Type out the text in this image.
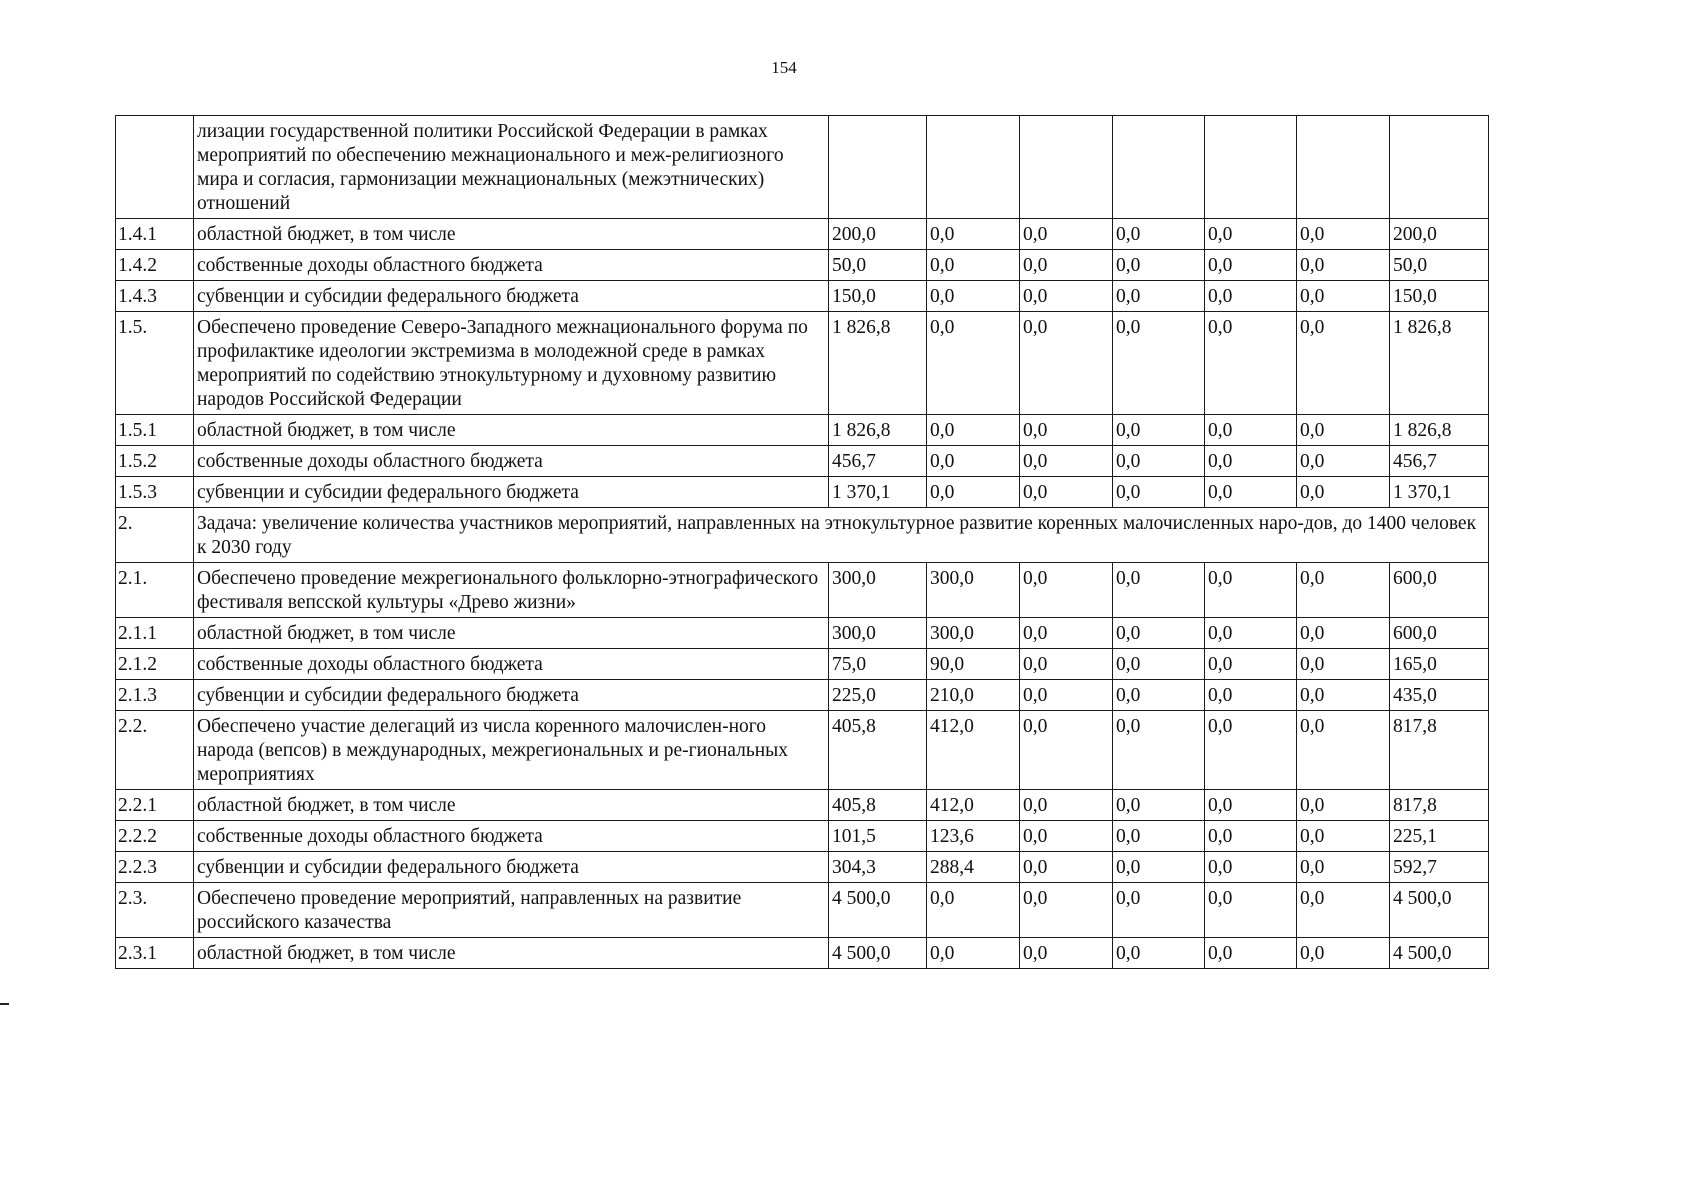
154
	лизации государственной политики Российской Федерации в рамках мероприятий по обеспечению межнационального и меж-религиозного мира и согласия, гармонизации межнациональных (межэтнических) отношений							
1.4.1	областной бюджет, в том числе	200,0	0,0	0,0	0,0	0,0	0,0	200,0
1.4.2	собственные доходы областного бюджета	50,0	0,0	0,0	0,0	0,0	0,0	50,0
1.4.3	субвенции и субсидии федерального бюджета	150,0	0,0	0,0	0,0	0,0	0,0	150,0
1.5.	Обеспечено проведение Северо-Западного межнационального форума по профилактике идеологии экстремизма в молодежной среде в рамках мероприятий по содействию этнокультурному и духовному развитию народов Российской Федерации	1 826,8	0,0	0,0	0,0	0,0	0,0	1 826,8
1.5.1	областной бюджет, в том числе	1 826,8	0,0	0,0	0,0	0,0	0,0	1 826,8
1.5.2	собственные доходы областного бюджета	456,7	0,0	0,0	0,0	0,0	0,0	456,7
1.5.3	субвенции и субсидии федерального бюджета	1 370,1	0,0	0,0	0,0	0,0	0,0	1 370,1
2.	Задача: увеличение количества участников мероприятий, направленных на этнокультурное развитие коренных малочисленных наро-дов, до 1400 человек к 2030 году							
2.1.	Обеспечено проведение межрегионального фольклорно-этнографического фестиваля вепсской культуры «Древо жизни»	300,0	300,0	0,0	0,0	0,0	0,0	600,0
2.1.1	областной бюджет, в том числе	300,0	300,0	0,0	0,0	0,0	0,0	600,0
2.1.2	собственные доходы областного бюджета	75,0	90,0	0,0	0,0	0,0	0,0	165,0
2.1.3	субвенции и субсидии федерального бюджета	225,0	210,0	0,0	0,0	0,0	0,0	435,0
2.2.	Обеспечено участие делегаций из числа коренного малочислен-ного народа (вепсов) в международных, межрегиональных и ре-гиональных мероприятиях	405,8	412,0	0,0	0,0	0,0	0,0	817,8
2.2.1	областной бюджет, в том числе	405,8	412,0	0,0	0,0	0,0	0,0	817,8
2.2.2	собственные доходы областного бюджета	101,5	123,6	0,0	0,0	0,0	0,0	225,1
2.2.3	субвенции и субсидии федерального бюджета	304,3	288,4	0,0	0,0	0,0	0,0	592,7
2.3.	Обеспечено проведение мероприятий, направленных на развитие российского казачества	4 500,0	0,0	0,0	0,0	0,0	0,0	4 500,0
2.3.1	областной бюджет, в том числе	4 500,0	0,0	0,0	0,0	0,0	0,0	4 500,0
